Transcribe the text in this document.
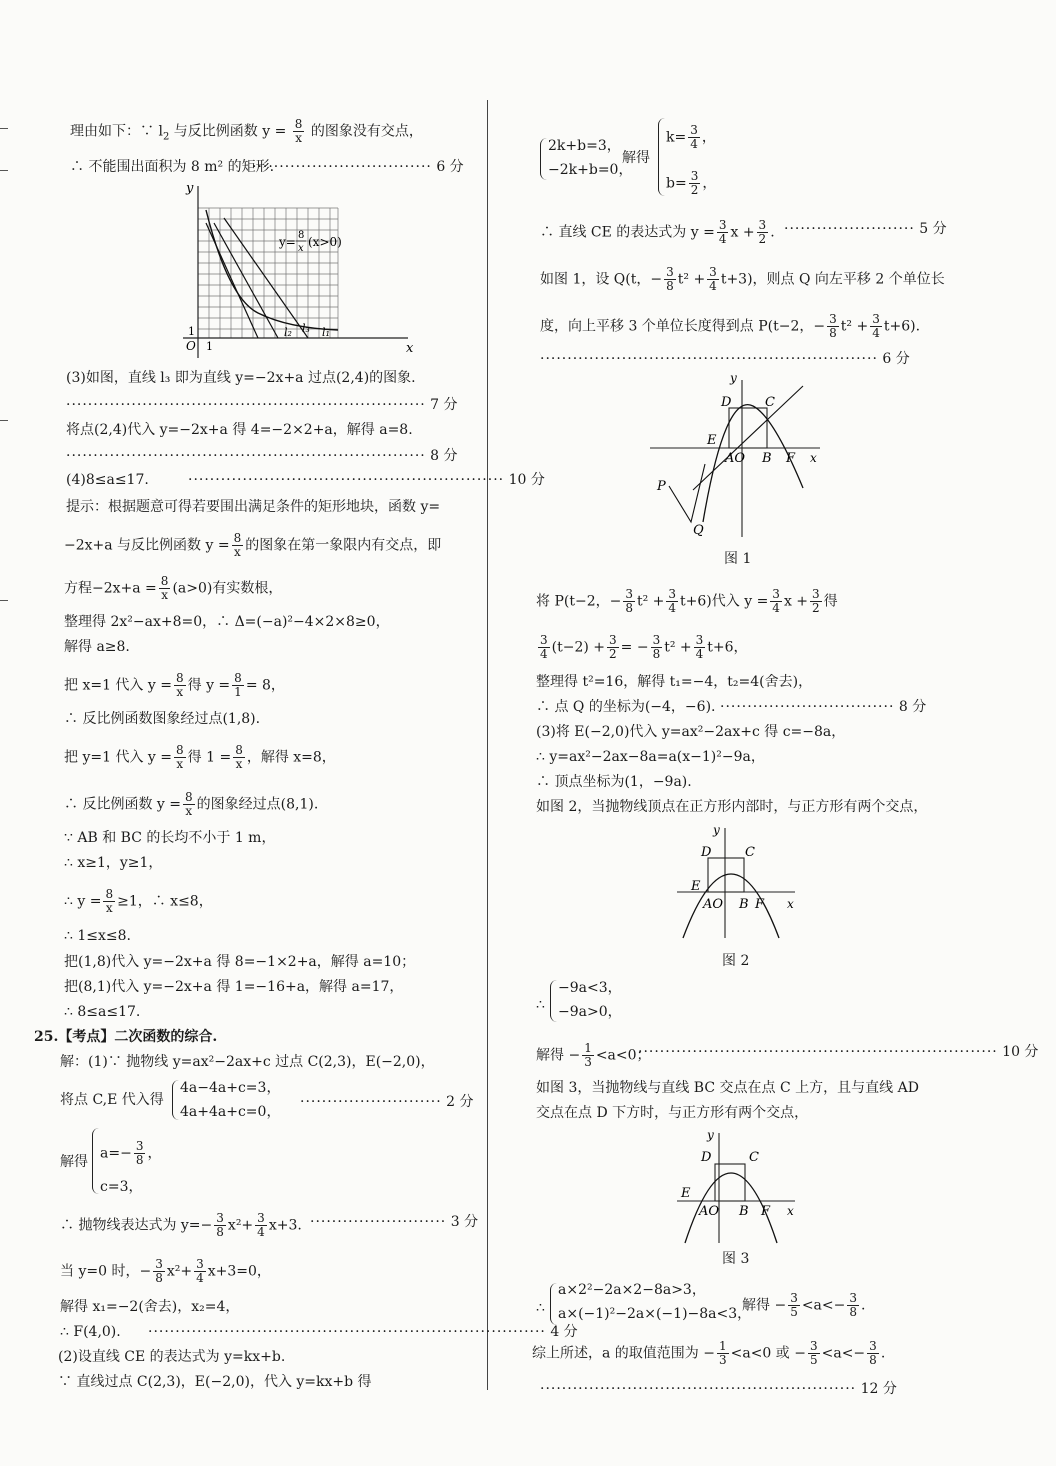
理由如下：∵ $l_2$ 与反比例函数 $y = \frac{8}{x}$ 的图象没有交点，
∴ 不能围出面积为 8 m² 的矩形.
································· 6 分
y
x
O 1
1
y= 8
x (x>0)
l₂ l₃ l₁
(3)如图，直线 l₃ 即为直线 y=−2x+a 过点(2,4)的图象.
·································································· 7 分
将点(2,4)代入 y=−2x+a 得 4=−2×2+a，解得 a=8.
·································································· 8 分
(4)8≤a≤17.	·························································· 10 分
提示：根据题意可得若要围出满足条件的矩形地块，函数 y=
−2x+a 与反比例函数 $y = \frac{8}{x}$ 的图象在第一象限内有交点，即
方程$-2x+a = \frac{8}{x} (a>0)$有实数根，
整理得 2x²−ax+8=0，∴ Δ=(−a)²−4×2×8≥0，
解得 a≥8.
把 x=1 代入 $y = \frac{8}{x}$ 得 $y = \frac{8}{1} = 8$，
∴ 反比例函数图象经过点(1,8).
把 y=1 代入 $y = \frac{8}{x}$ 得 $1 = \frac{8}{x}$ ，解得 x=8，
∴ 反比例函数 $y = \frac{8}{x}$ 的图象经过点(8,1).
∵ AB 和 BC 的长均不小于 1 m，
∴ x≥1，y≥1，
∴ $y = \frac{8}{x} \ge 1$，∴ x≤8，
∴ 1≤x≤8.
把(1,8)代入 y=−2x+a 得 8=−1×2+a，解得 a=10；
把(8,1)代入 y=−2x+a 得 1=−16+a，解得 a=17，
∴ 8≤a≤17.
25.【考点】二次函数的综合.
解：(1)∵ 抛物线 y=ax²−2ax+c 过点 C(2,3)，E(−2,0)，
将点 C,E 代入得
4a−4a+c=3，
4a+4a+c=0，
·························· 2 分
解得
$a=- \frac{3}{8}$ ，
c=3，
∴ 抛物线表达式为 $y=- \frac{3}{8} x^2+ \frac{3}{4} x+3$. ························· 3 分
当 y=0 时，− $\frac{3}{8} x^2+ \frac{3}{4} x+3=0$，
解得 x₁=−2(舍去)，x₂=4，
∴ F(4,0). ········································································· 4 分
(2)设直线 CE 的表达式为 y=kx+b.
∵ 直线过点 C(2,3)，E(−2,0)，代入 y=kx+b 得
2k+b=3，
−2k+b=0，
解得
$k= \frac{3}{4}$ ，
$b= \frac{3}{2}$ ，
∴ 直线 CE 的表达式为 $y = \frac{3}{4}$ $x + \frac{3}{2}$ . ························ 5 分
如图 1，设 Q(t，− $\frac{3}{8} t^2 + \frac{3}{4} t+3$)，则点 Q 向左平移 2 个单位长
度，向上平移 3 个单位长度得到点 P(t−2，− $\frac{3}{8} t^2 + \frac{3}{4} t+6$).
······························································ 6 分
y
x
D	C
E
AO B F
P
Q
图 1
将 P(t−2，− $\frac{3}{8} t^2 + \frac{3}{4} t+6$)代入 $y = \frac{3}{4}$ $x + \frac{3}{2}$ 得
$\frac{3}{4} (t-2) + \frac{3}{2}$ = − $\frac{3}{8} t^2 + \frac{3}{4} t+6$，
整理得 t²=16，解得 t₁=−4，t₂=4(舍去)，
∴ 点 Q 的坐标为(−4，−6). ································ 8 分
(3)将 E(−2,0)代入 y=ax²−2ax+c 得 c=−8a，
∴ y=ax²−2ax−8a=a(x−1)²−9a，
∴ 顶点坐标为(1，−9a).
如图 2，当抛物线顶点在正方形内部时，与正方形有两个交点，
y
x
D	C
E
AO B F
图 2
∴
−9a<3，
−9a>0，
解得 − $\frac{1}{3} <a<0$；
·································································· 10 分
如图 3，当抛物线与直线 BC 交点在点 C 上方，且与直线 AD
交点在点 D 下方时，与正方形有两个交点，
y
x
D	C
E
AO B F
图 3
∴
a×2²−2a×2−8a>3，
a×(−1)²−2a×(−1)−8a<3，
解得 − $\frac{3}{5} <a<- \frac{3}{8}$ .
综上所述，a 的取值范围为 − $\frac{1}{3} <a<0$ 或 − $\frac{3}{5} <a<- \frac{3}{8}$ .
·························································· 12 分
